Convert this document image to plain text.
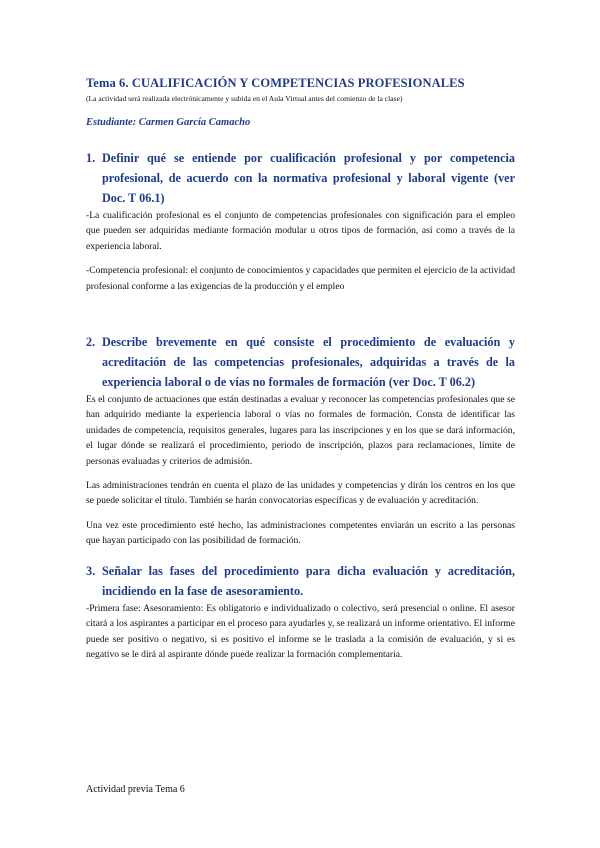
Tema 6. CUALIFICACIÓN Y COMPETENCIAS PROFESIONALES

(La actividad será realizada electrónicamente y subida en el Aula Virtual antes del comienzo de la clase)

Estudiante: Carmen García Camacho

1. Definir qué se entiende por cualificación profesional y por competencia profesional, de acuerdo con la normativa profesional y laboral vigente (ver Doc. T 06.1)

-La cualificación profesional es el conjunto de competencias profesionales con significación para el empleo que pueden ser adquiridas mediante formación modular u otros tipos de formación, así como a través de la experiencia laboral.

-Competencia profesional: el conjunto de conocimientos y capacidades que permiten el ejercicio de la actividad profesional conforme a las exigencias de la producción y el empleo

2. Describe brevemente en qué consiste el procedimiento de evaluación y acreditación de las competencias profesionales, adquiridas a través de la experiencia laboral o de vías no formales de formación (ver Doc. T 06.2)

Es el conjunto de actuaciones que están destinadas a evaluar y reconocer las competencias profesionales que se han adquirido mediante la experiencia laboral o vías no formales de formación. Consta de identificar las unidades de competencia, requisitos generales, lugares para las inscripciones y en los que se dará información, el lugar dónde se realizará el procedimiento, periodo de inscripción, plazos para reclamaciones, límite de personas evaluadas y criterios de admisión.

Las administraciones tendrán en cuenta el plazo de las unidades y competencias y dirán los centros en los que se puede solicitar el título. También se harán convocatorias específicas y de evaluación y acreditación.

Una vez este procedimiento esté hecho, las administraciones competentes enviarán un escrito a las personas que hayan participado con las posibilidad de formación.

3. Señalar las fases del procedimiento para dicha evaluación y acreditación, incidiendo en la fase de asesoramiento.

-Primera fase: Asesoramiento: Es obligatorio e individualizado o colectivo, será presencial o online. El asesor citará a los aspirantes a participar en el proceso para ayudarles y, se realizará un informe orientativo. El informe puede ser positivo o negativo, si es positivo el informe se le traslada a la comisión de evaluación, y si es negativo se le dirá al aspirante dónde puede realizar la formación complementaria.

Actividad previa Tema 6
